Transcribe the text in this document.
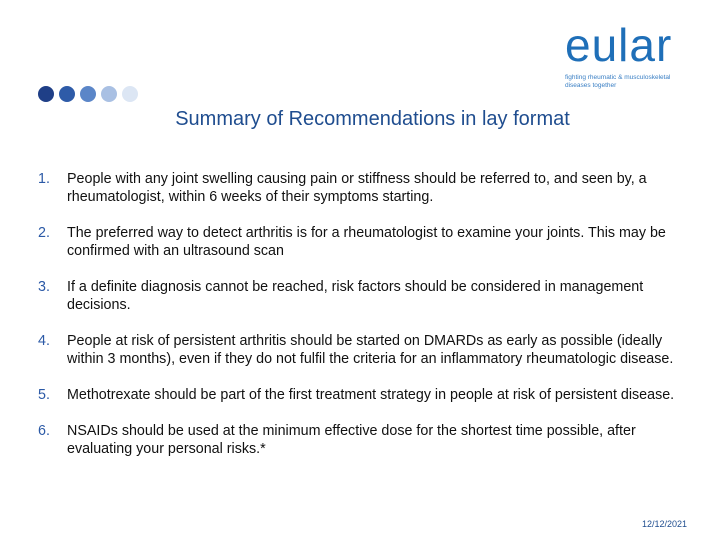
eular
fighting rheumatic & musculoskeletal
diseases together
Summary of Recommendations in lay format
1. People with any joint swelling causing pain or stiffness should be referred to, and seen by, a rheumatologist, within 6 weeks of their symptoms starting.
2. The preferred way to detect arthritis is for a rheumatologist to examine your joints. This may be confirmed with an ultrasound scan
3. If a definite diagnosis cannot be reached, risk factors should be considered in management decisions.
4. People at risk of persistent arthritis should be started on DMARDs as early as possible (ideally within 3 months), even if they do not fulfil the criteria for an inflammatory rheumatologic disease.
5. Methotrexate should be part of the first treatment strategy in people at risk of persistent disease.
6. NSAIDs should be used at the minimum effective dose for the shortest time possible, after evaluating your personal risks.*
12/12/2021
